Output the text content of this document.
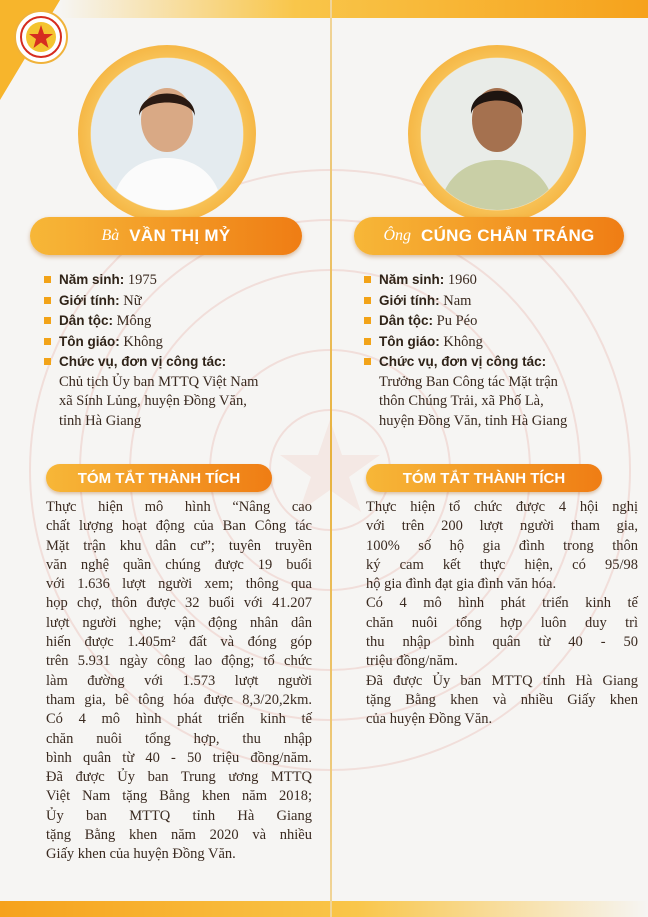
Bà VẦN THỊ MỶ
Năm sinh: 1975
Giới tính: Nữ
Dân tộc: Mông
Tôn giáo: Không
Chức vụ, đơn vị công tác:
Chủ tịch Ủy ban MTTQ Việt Nam
xã Sính Lủng, huyện Đồng Văn,
tỉnh Hà Giang
TÓM TẮT THÀNH TÍCH
Thực hiện mô hình “Nâng cao
chất lượng hoạt động của Ban Công tác
Mặt trận khu dân cư”; tuyên truyền
văn nghệ quần chúng được 19 buổi
với 1.636 lượt người xem; thông qua
họp chợ, thôn được 32 buổi với 41.207
lượt người nghe; vận động nhân dân
hiến được 1.405m² đất và đóng góp
trên 5.931 ngày công lao động; tổ chức
làm đường với 1.573 lượt người
tham gia, bê tông hóa được 8,3/20,2km.
Có 4 mô hình phát triển kinh tế
chăn nuôi tổng hợp, thu nhập
bình quân từ 40 - 50 triệu đồng/năm.
Đã được Ủy ban Trung ương MTTQ
Việt Nam tặng Bằng khen năm 2018;
Ủy ban MTTQ tỉnh Hà Giang
tặng Bằng khen năm 2020 và nhiều
Giấy khen của huyện Đồng Văn.
Ông CÚNG CHẲN TRÁNG
Năm sinh: 1960
Giới tính: Nam
Dân tộc: Pu Péo
Tôn giáo: Không
Chức vụ, đơn vị công tác:
Trưởng Ban Công tác Mặt trận
thôn Chúng Trải, xã Phố Là,
huyện Đồng Văn, tỉnh Hà Giang
TÓM TẮT THÀNH TÍCH
Thực hiện tổ chức được 4 hội nghị
với trên 200 lượt người tham gia,
100% số hộ gia đình trong thôn
ký cam kết thực hiện, có 95/98
hộ gia đình đạt gia đình văn hóa.
Có 4 mô hình phát triển kinh tế
chăn nuôi tổng hợp luôn duy trì
thu nhập bình quân từ 40 - 50
triệu đồng/năm.
Đã được Ủy ban MTTQ tỉnh Hà Giang
tặng Bằng khen và nhiều Giấy khen
của huyện Đồng Văn.
